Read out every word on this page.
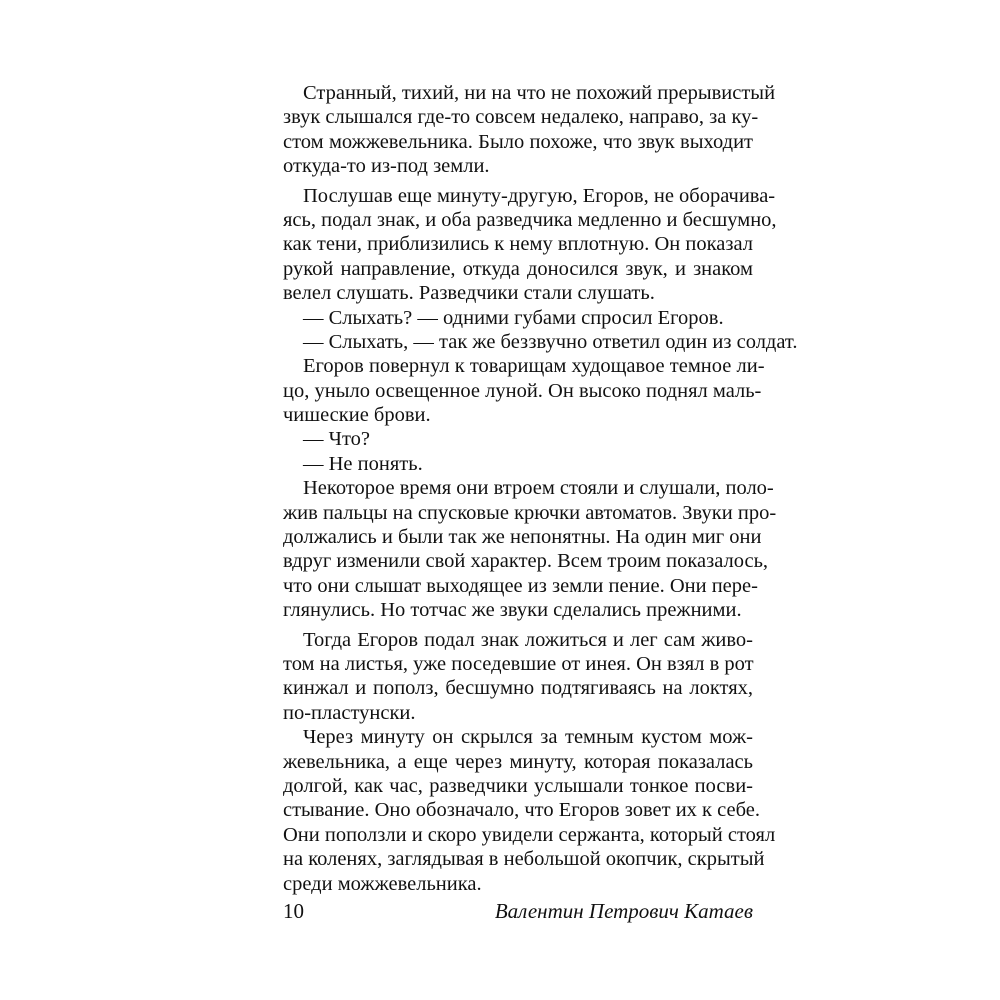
Странный, тихий, ни на что не похожий прерывистый
звук слышался где-то совсем недалеко, направо, за ку-
стом можжевельника. Было похоже, что звук выходит
откуда-то из-под земли.
Послушав еще минуту-другую, Егоров, не оборачива-
ясь, подал знак, и оба разведчика медленно и бесшумно,
как тени, приблизились к нему вплотную. Он показал
рукой направление, откуда доносился звук, и знаком
велел слушать. Разведчики стали слушать.
— Слыхать? — одними губами спросил Егоров.
— Слыхать, — так же беззвучно ответил один из солдат.
Егоров повернул к товарищам худощавое темное ли-
цо, уныло освещенное луной. Он высоко поднял маль-
чишеские брови.
— Что?
— Не понять.
Некоторое время они втроем стояли и слушали, поло-
жив пальцы на спусковые крючки автоматов. Звуки про-
должались и были так же непонятны. На один миг они
вдруг изменили свой характер. Всем троим показалось,
что они слышат выходящее из земли пение. Они пере-
глянулись. Но тотчас же звуки сделались прежними.
Тогда Егоров подал знак ложиться и лег сам живо-
том на листья, уже поседевшие от инея. Он взял в рот
кинжал и пополз, бесшумно подтягиваясь на локтях,
по-пластунски.
Через минуту он скрылся за темным кустом мож-
жевельника, а еще через минуту, которая показалась
долгой, как час, разведчики услышали тонкое посви-
стывание. Оно обозначало, что Егоров зовет их к себе.
Они поползли и скоро увидели сержанта, который стоял
на коленях, заглядывая в небольшой окопчик, скрытый
среди можжевельника.
10	Валентин Петрович Катаев
